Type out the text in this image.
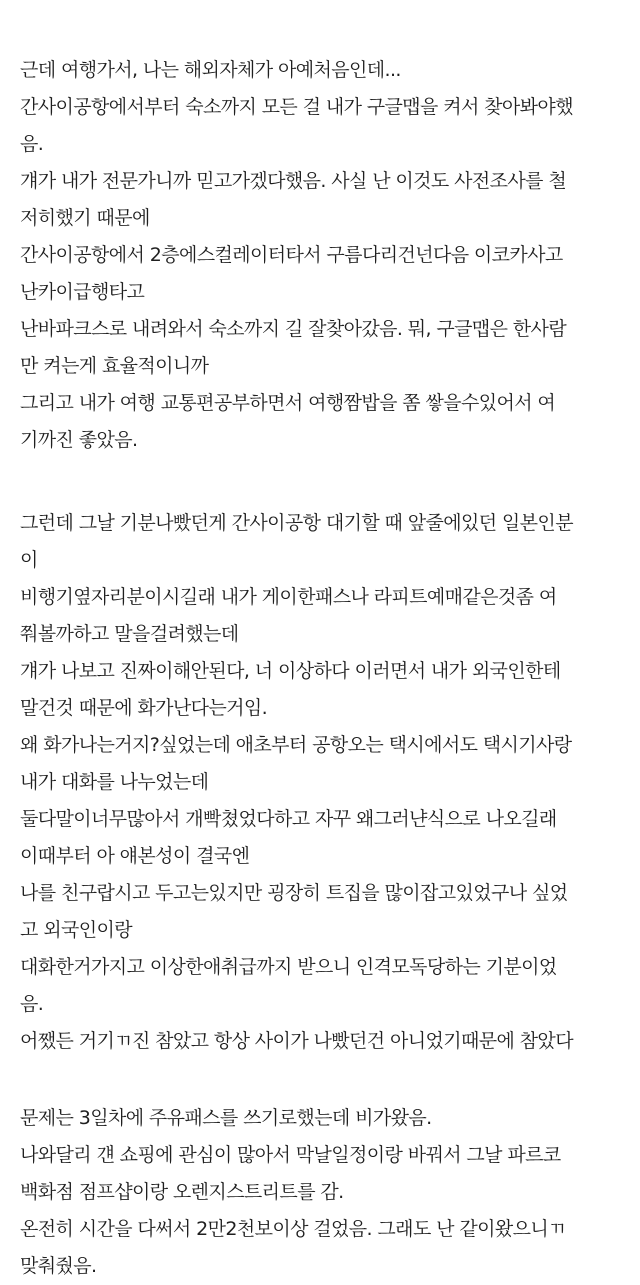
근데 여행가서, 나는 해외자체가 아예처음인데...
간사이공항에서부터 숙소까지 모든 걸 내가 구글맵을 켜서 찾아봐야했
음.
걔가 내가 전문가니까 믿고가겠다했음. 사실 난 이것도 사전조사를 철
저히했기 때문에
간사이공항에서 2층에스컬레이터타서 구름다리건넌다음 이코카사고
난카이급행타고
난바파크스로 내려와서 숙소까지 길 잘찾아갔음. 뭐, 구글맵은 한사람
만 켜는게 효율적이니까
그리고 내가 여행 교통편공부하면서 여행짬밥을 쫌 쌓을수있어서 여
기까진 좋았음.
그런데 그날 기분나빴던게 간사이공항 대기할 때 앞줄에있던 일본인분
이
비행기옆자리분이시길래 내가 게이한패스나 라피트예매같은것좀 여
쭤볼까하고 말을걸려했는데
걔가 나보고 진짜이해안된다, 너 이상하다 이러면서 내가 외국인한테
말건것 때문에 화가난다는거임.
왜 화가나는거지?싶었는데 애초부터 공항오는 택시에서도 택시기사랑
내가 대화를 나누었는데
둘다말이너무많아서 개빡쳤었다하고 자꾸 왜그러냔식으로 나오길래
이때부터 아 얘본성이 결국엔
나를 친구랍시고 두고는있지만 굉장히 트집을 많이잡고있었구나 싶었
고 외국인이랑
대화한거가지고 이상한애취급까지 받으니 인격모독당하는 기분이었
음.
어쨌든 거기ㄲ진 참았고 항상 사이가 나빴던건 아니었기때문에 참았다
문제는 3일차에 주유패스를 쓰기로했는데 비가왔음.
나와달리 걘 쇼핑에 관심이 많아서 막날일정이랑 바꿔서 그날 파르코
백화점 점프샵이랑 오렌지스트리트를 감.
온전히 시간을 다써서 2만2천보이상 걸었음. 그래도 난 같이왔으니ㄲ
맞춰줬음.
